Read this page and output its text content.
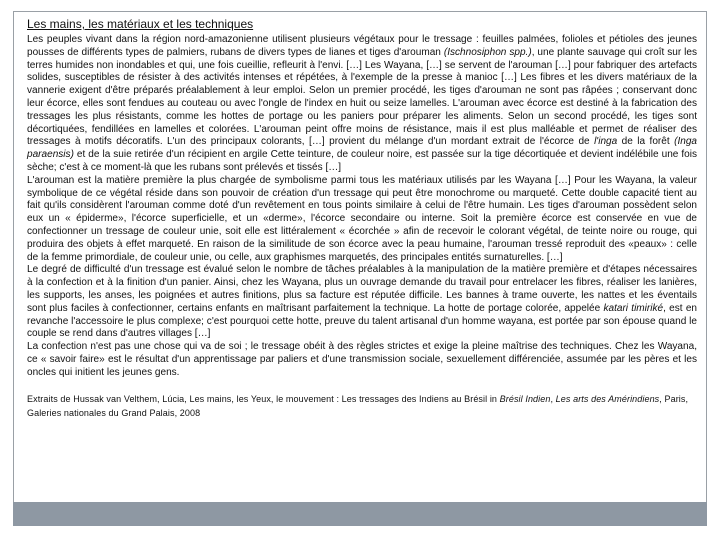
Les mains, les matériaux et les techniques

Les peuples vivant dans la région nord-amazonienne utilisent plusieurs végétaux pour le tressage : feuilles palmées, folioles et pétioles des jeunes pousses de différents types de palmiers, rubans de divers types de lianes et tiges d'arouman (Ischnosiphon spp.), une plante sauvage qui croît sur les terres humides non inondables et qui, une fois cueillie, refleurit à l'envi. […] Les Wayana, […] se servent de l'arouman […] pour fabriquer des artefacts solides, susceptibles de résister à des activités intenses et répétées, à l'exemple de la presse à manioc […] Les fibres et les divers matériaux de la vannerie exigent d'être préparés préalablement à leur emploi. Selon un premier procédé, les tiges d'arouman ne sont pas râpées ; conservant donc leur écorce, elles sont fendues au couteau ou avec l'ongle de l'index en huit ou seize lamelles. L'arouman avec écorce est destiné à la fabrication des tressages les plus résistants, comme les hottes de portage ou les paniers pour préparer les aliments. Selon un second procédé, les tiges sont décortiquées, fendillées en lamelles et colorées. L'arouman peint offre moins de résistance, mais il est plus malléable et permet de réaliser des tressages à motifs décoratifs. L'un des principaux colorants, […] provient du mélange d'un mordant extrait de l'écorce de l'inga de la forêt (Inga paraensis) et de la suie retirée d'un récipient en argile Cette teinture, de couleur noire, est passée sur la tige décortiquée et devient indélébile une fois sèche; c'est à ce moment-là que les rubans sont prélevés et tissés […]

L'arouman est la matière première la plus chargée de symbolisme parmi tous les matériaux utilisés par les Wayana […] Pour les Wayana, la valeur symbolique de ce végétal réside dans son pouvoir de création d'un tressage qui peut être monochrome ou marqueté. Cette double capacité tient au fait qu'ils considèrent l'arouman comme doté d'un revêtement en tous points similaire à celui de l'être humain. Les tiges d'arouman possèdent selon eux un « épiderme», l'écorce superficielle, et un «derme», l'écorce secondaire ou interne. Soit la première écorce est conservée en vue de confectionner un tressage de couleur unie, soit elle est littéralement « écorchée » afin de recevoir le colorant végétal, de teinte noire ou rouge, qui produira des objets à effet marqueté. En raison de la similitude de son écorce avec la peau humaine, l'arouman tressé reproduit des «peaux» : celle de la femme primordiale, de couleur unie, ou celle, aux graphismes marquetés, des principales entités surnaturelles. […]

Le degré de difficulté d'un tressage est évalué selon le nombre de tâches préalables à la manipulation de la matière première et d'étapes nécessaires à la confection et à la finition d'un panier. Ainsi, chez les Wayana, plus un ouvrage demande du travail pour entrelacer les fibres, réaliser les lanières, les supports, les anses, les poignées et autres finitions, plus sa facture est réputée difficile. Les bannes à trame ouverte, les nattes et les éventails sont plus faciles à confectionner, certains enfants en maîtrisant parfaitement la technique. La hotte de portage colorée, appelée katari timiriké, est en revanche l'accessoire le plus complexe; c'est pourquoi cette hotte, preuve du talent artisanal d'un homme wayana, est portée par son épouse quand le couple se rend dans d'autres villages […]

La confection n'est pas une chose qui va de soi ; le tressage obéit à des règles strictes et exige la pleine maîtrise des techniques. Chez les Wayana, ce « savoir faire» est le résultat d'un apprentissage par paliers et d'une transmission sociale, sexuellement différenciée, assumée par les pères et les oncles qui initient les jeunes gens.

Extraits de Hussak van Velthem, Lúcia, Les mains, les Yeux, le mouvement : Les tressages des Indiens au Brésil in Brésil Indien, Les arts des Amérindiens, Paris, Galeries nationales du Grand Palais, 2008
